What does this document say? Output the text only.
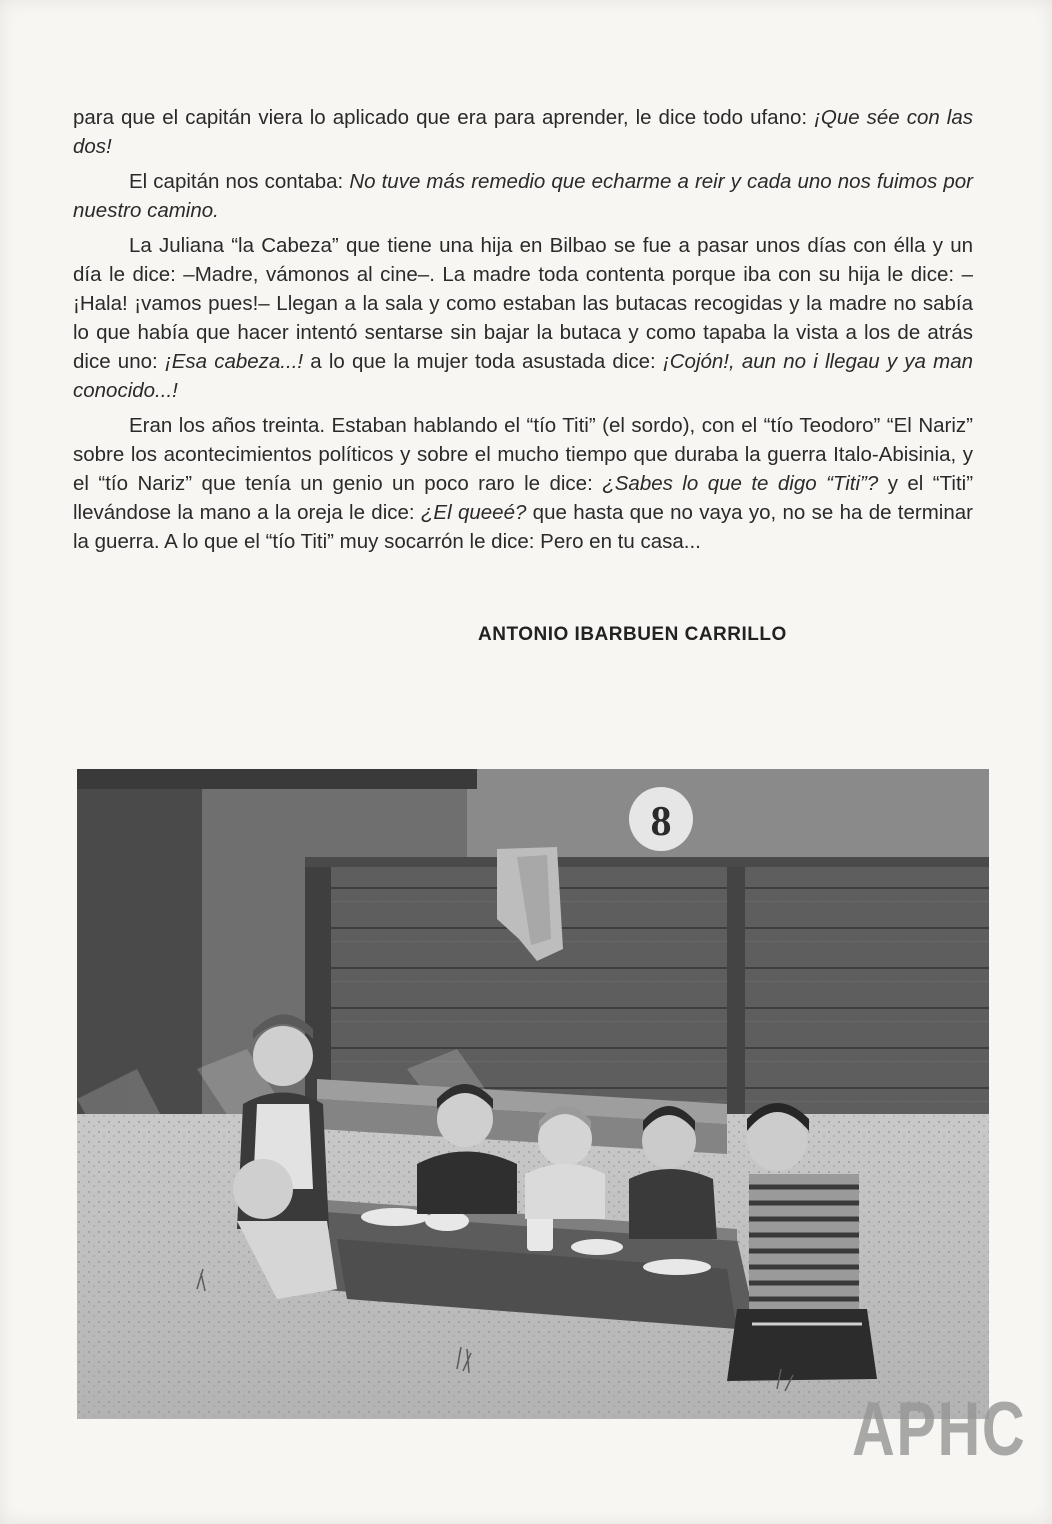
para que el capitán viera lo aplicado que era para aprender, le dice todo ufano: ¡Que sée con las dos!

El capitán nos contaba: No tuve más remedio que echarme a reir y cada uno nos fuimos por nuestro camino.

La Juliana “la Cabeza” que tiene una hija en Bilbao se fue a pasar unos días con élla y un día le dice: –Madre, vámonos al cine–. La madre toda contenta porque iba con su hija le dice: –¡Hala! ¡vamos pues!– Llegan a la sala y como estaban las butacas recogidas y la madre no sabía lo que había que hacer intentó sentarse sin bajar la butaca y como tapaba la vista a los de atrás dice uno: ¡Esa cabeza...! a lo que la mujer toda asustada dice: ¡Cojón!, aun no i llegau y ya man conocido...!

Eran los años treinta. Estaban hablando el “tío Titi” (el sordo), con el “tío Teodoro” “El Nariz” sobre los acontecimientos políticos y sobre el mucho tiempo que duraba la guerra Italo-Abisinia, y el “tío Nariz” que tenía un genio un poco raro le dice: ¿Sabes lo que te digo “Titi”? y el “Titi” llevándose la mano a la oreja le dice: ¿El queeé? que hasta que no vaya yo, no se ha de terminar la guerra. A lo que el “tío Titi” muy socarrón le dice: Pero en tu casa...

ANTONIO IBARBUEN CARRILLO
8
APHC
